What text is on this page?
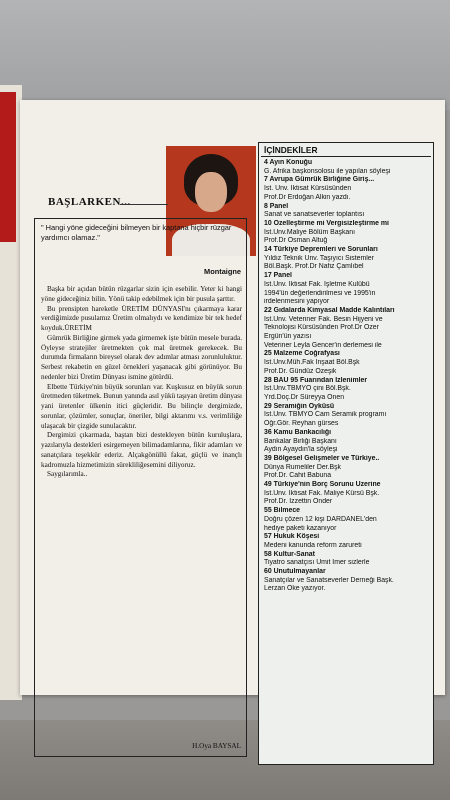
BAŞLARKEN...
" Hangi yöne gideceğini bilmeyen bir kaptana hiçbir rüzgar yardımcı olamaz."
Montaigne

Başka bir açıdan bütün rüzgarlar sizin için esebilir. Yeter ki hangi yöne gideceğiniz bilin. Yönü takip edebilmek için bir pusula şarttır.

Bu prensipten hareketle ÜRETİM DÜNYASI'nı çıkarmaya karar verdiğimizde pusulamız Üretim olmalıydı ve kendimize bir tek hedef koyduk.ÜRETİM

Gümrük Birliğine girmek yada girmemek işte bütün mesele burada. Öyleyse stratejiler üretmekten çok mal üretmek gerekecek. Bu durumda firmaların bireysel olarak dev adımlar atması zorunluluktur. Serbest rekabetin en güzel örnekleri yaşanacak gibi görünüyor. Bu nedenler bizi Üretim Dünyası ismine götürdü.

Elbette Türkiye'nin büyük sorunları var. Kuşkusuz en büyük sorun üretmeden tüketmek. Bunun yanında asıl yükü taşıyan üretim dünyası yani üretenler ülkenin itici güçleridir. Bu bilinçle dergimizde, sorunlar, çözümler, sonuçlar, öneriler, bilgi aktarımı v.s. verimliliğe ulaşacak bir çizgide sunulacaktır.

Dergimizi çıkarmada, baştan bizi destekleyen bütün kuruluşlara, yazılarıyla destekleri esirgemeyen bilimadamlarına, fikir adamları ve sanatçılara teşekkür ederiz. Alçakgönüllü fakat, güçlü ve inançlı kadromuzla hizmetimizin sürekliliğesemini diliyoruz.

Saygılarımla..

H.Oya BAYSAL
İÇİNDEKİLER
4 Ayın Konuğu
G. Afrika başkonsolosu ile yapılan söyleşi
7 Avrupa Gümrük Birliğine Giriş...
İst. Ünv. İktisat Kürsüsünden
Prof.Dr Erdoğan Alkin yazdı.
8 Panel
Sanat ve sanatseverler toplantısı
10 Özelleştirme mi Vergisizleştirme mi
İst.Ünv.Maliye Bölüm Başkanı
Prof.Dr Osman Altuğ
14 Türkiye Depremleri ve Sorunları
Yıldız Teknik Ünv. Taşıyıcı Sistemler
Böl.Başk. Prof.Dr Nafiz Çamlıbel
17 Panel
İst.Ünv. İktisat Fak. İşletme Kulübü
1994'ün değerlendirilmesi ve 1995'in
irdelenmesini yapıyor
22 Gıdalarda Kimyasal Madde Kalıntıları
İst.Ünv. Veteriner Fak. Besin Hijyeni ve
Teknolojisi Kürsüsünden Prof.Dr Özer
Ergün'ün yazısı
Veteriner Leyla Gencer'in derlemesi ile
25 Malzeme Coğrafyası
İst.Ünv.Müh.Fak İnşaat Böl.Bşk
Prof.Dr. Gündüz Özeşik
28 BAU 95 Fuarından İzlenimler
İst.Ünv.TBMYO çini Böl.Bşk.
Yrd.Doç.Dr Süreyya Önen
29 Seramiğin Öyküsü
İst.Ünv. TBMYO Cam Seramik programı
Öğr.Gör. Reyhan gürses
36 Kamu Bankacılığı
Bankalar Birliği Başkanı
Aydın Ayaydın'la söyleşi
39 Bölgesel Gelişmeler ve Türkiye..
Dünya Rumeliler Der.Bşk
Prof.Dr. Cahit Babuna
49 Türkiye'nin Borç Sorunu Üzerine
İst.Ünv. İktisat Fak. Maliye Kürsü Bşk.
Prof.Dr. İzzettin Önder
55 Bilmece
Doğru çözen 12 kişi DARDANEL'den
hediye paketi kazanıyor
57 Hukuk Köşesi
Medeni kanunda reform zarureti
58 Kultur-Sanat
Tiyatro sanatçısı Ümit İmer sizlerle
60 Unutulmayanlar
Sanatçılar ve Sanatseverler Derneği Başk.
Lerzan Öke yazıyor.
